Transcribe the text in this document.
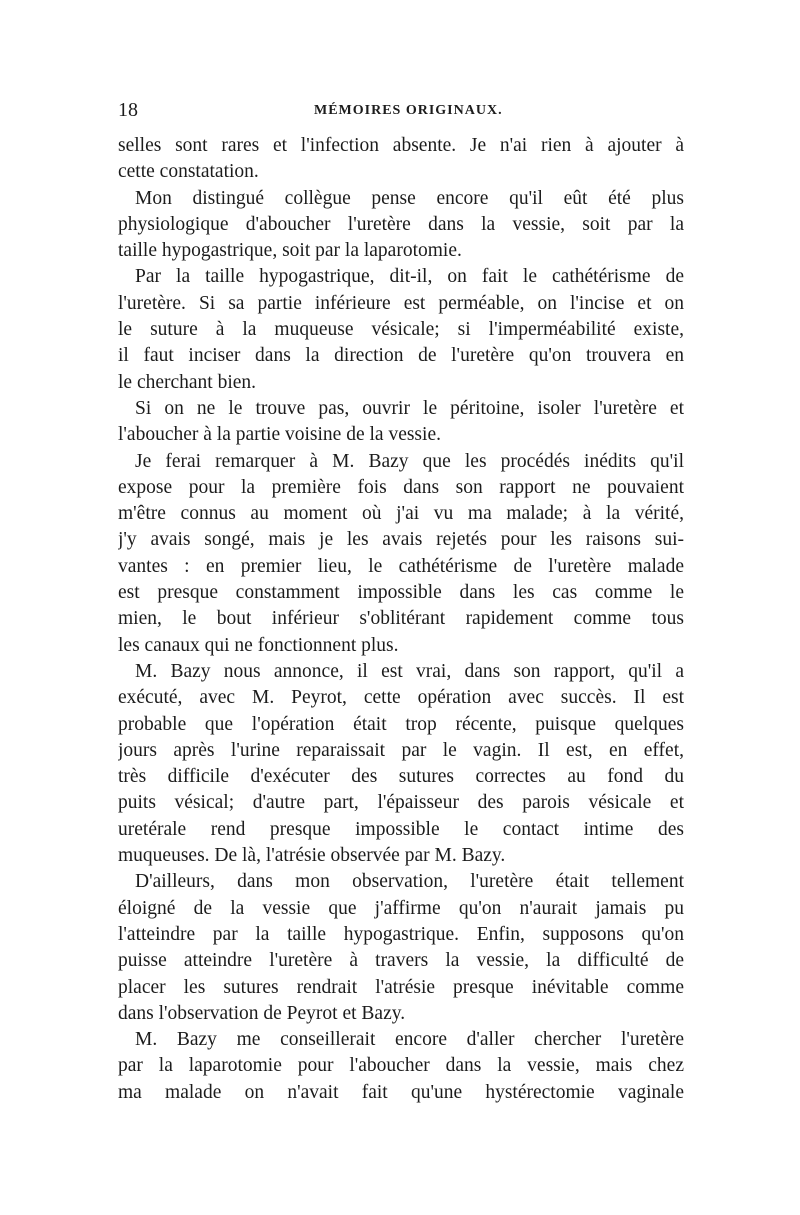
18	MÉMOIRES ORIGINAUX.
selles sont rares et l'infection absente. Je n'ai rien à ajouter à
cette constatation.
Mon distingué collègue pense encore qu'il eût été plus
physiologique d'aboucher l'uretère dans la vessie, soit par la
taille hypogastrique, soit par la laparotomie.
Par la taille hypogastrique, dit-il, on fait le cathétérisme de
l'uretère. Si sa partie inférieure est perméable, on l'incise et on
le suture à la muqueuse vésicale; si l'imperméabilité existe,
il faut inciser dans la direction de l'uretère qu'on trouvera en
le cherchant bien.
Si on ne le trouve pas, ouvrir le péritoine, isoler l'uretère et
l'aboucher à la partie voisine de la vessie.
Je ferai remarquer à M. Bazy que les procédés inédits qu'il
expose pour la première fois dans son rapport ne pouvaient
m'être connus au moment où j'ai vu ma malade; à la vérité,
j'y avais songé, mais je les avais rejetés pour les raisons sui-
vantes : en premier lieu, le cathétérisme de l'uretère malade
est presque constamment impossible dans les cas comme le
mien, le bout inférieur s'oblitérant rapidement comme tous
les canaux qui ne fonctionnent plus.
M. Bazy nous annonce, il est vrai, dans son rapport, qu'il a
exécuté, avec M. Peyrot, cette opération avec succès. Il est
probable que l'opération était trop récente, puisque quelques
jours après l'urine reparaissait par le vagin. Il est, en effet,
très difficile d'exécuter des sutures correctes au fond du
puits vésical; d'autre part, l'épaisseur des parois vésicale et
uretérale rend presque impossible le contact intime des
muqueuses. De là, l'atrésie observée par M. Bazy.
D'ailleurs, dans mon observation, l'uretère était tellement
éloigné de la vessie que j'affirme qu'on n'aurait jamais pu
l'atteindre par la taille hypogastrique. Enfin, supposons qu'on
puisse atteindre l'uretère à travers la vessie, la difficulté de
placer les sutures rendrait l'atrésie presque inévitable comme
dans l'observation de Peyrot et Bazy.
M. Bazy me conseillerait encore d'aller chercher l'uretère
par la laparotomie pour l'aboucher dans la vessie, mais chez
ma malade on n'avait fait qu'une hystérectomie vaginale
